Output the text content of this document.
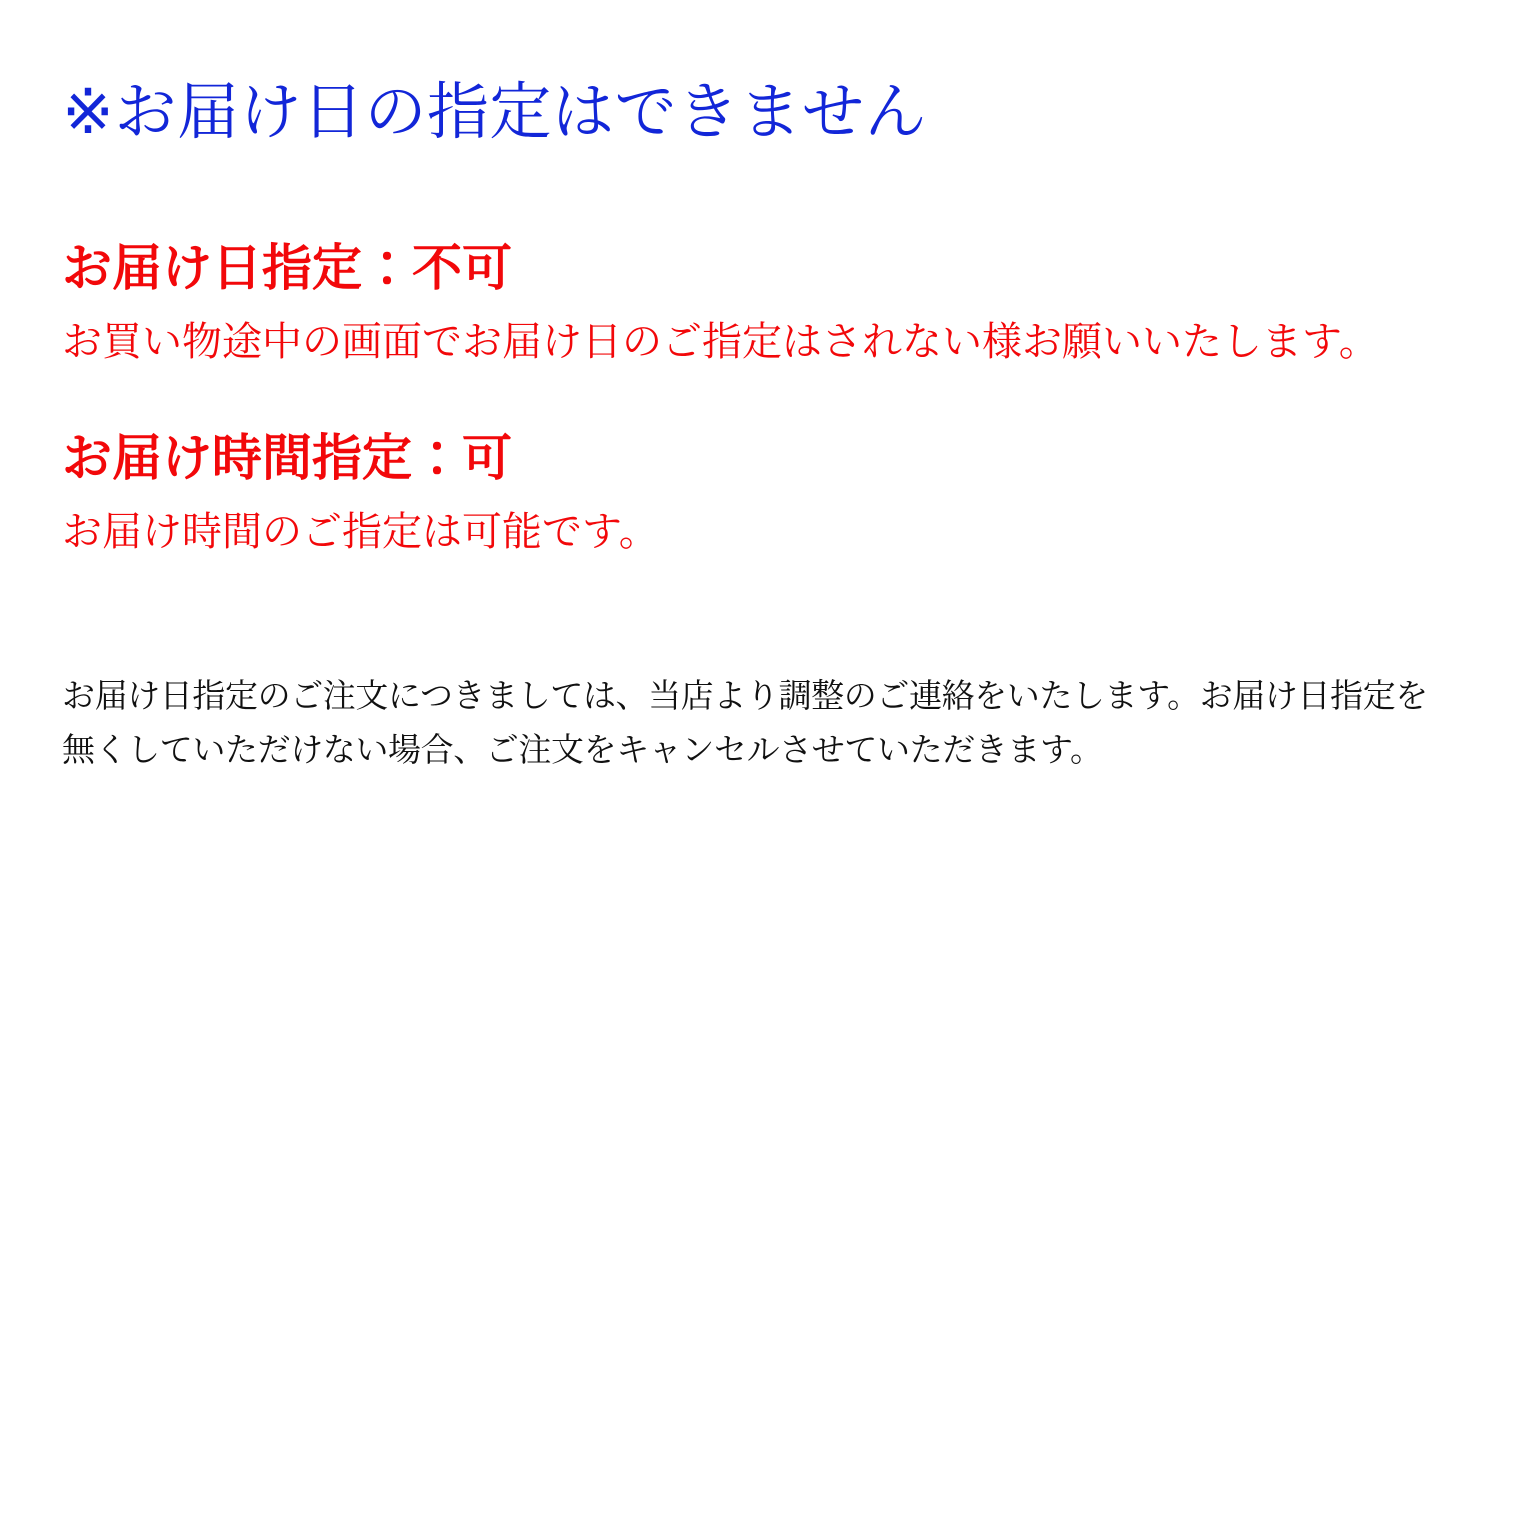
※お届け日の指定はできません
お届け日指定：不可

お買い物途中の画面でお届け日のご指定はされない様お願いいたします。

お届け時間指定：可

お届け時間のご指定は可能です。

お届け日指定のご注文につきましては、当店より調整のご連絡をいたします。お届け日指定を無くしていただけない場合、ご注文をキャンセルさせていただきます。
